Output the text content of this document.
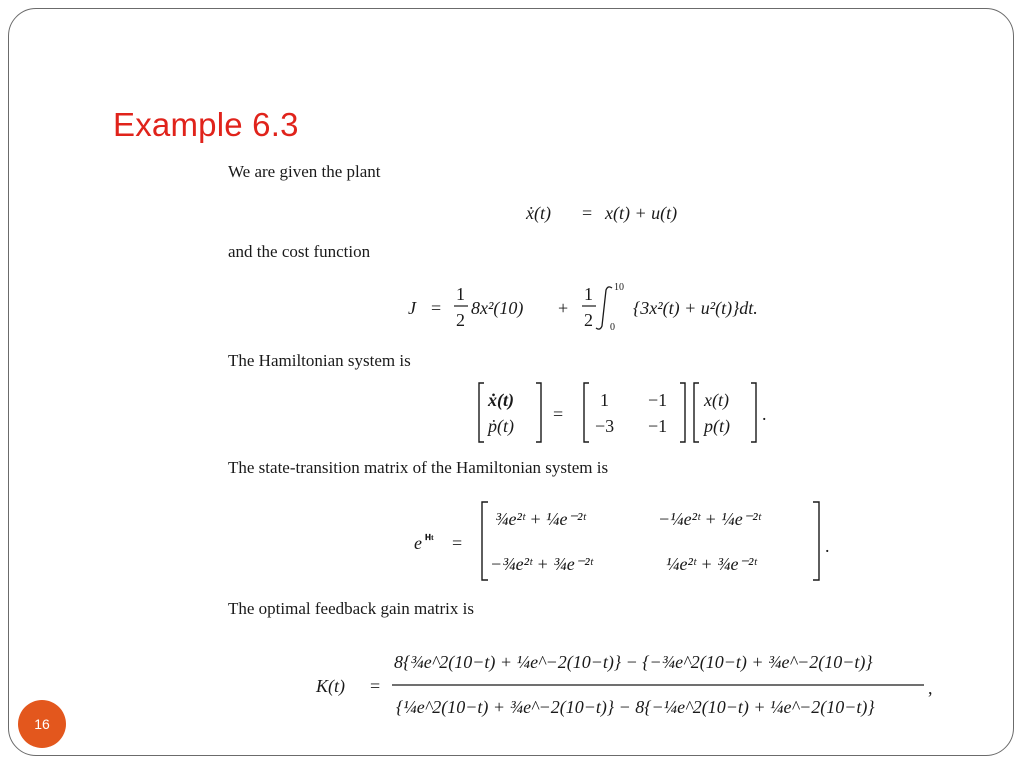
Example 6.3
We are given the plant
ẋ(t) = x(t) + u(t)
and the cost function
J =
1
2
8x²(10) +
1
2
10
0
{3x²(t) + u²(t)}dt.
The Hamiltonian system is
ẋ(t)
ṗ(t)
=
1 −1
−3 −1
x(t)
p(t)
.
The state-transition matrix of the Hamiltonian system is
e 𝐇t =
¾e²ᵗ + ¼e⁻²ᵗ	−¼e²ᵗ + ¼e⁻²ᵗ
−¾e²ᵗ + ¾e⁻²ᵗ	¼e²ᵗ + ¾e⁻²ᵗ
.
The optimal feedback gain matrix is
K(t) =
8{¾e^2(10−t) + ¼e^−2(10−t)} − {−¾e^2(10−t) + ¾e^−2(10−t)}
{¼e^2(10−t) + ¾e^−2(10−t)} − 8{−¼e^2(10−t) + ¼e^−2(10−t)}
,
16
